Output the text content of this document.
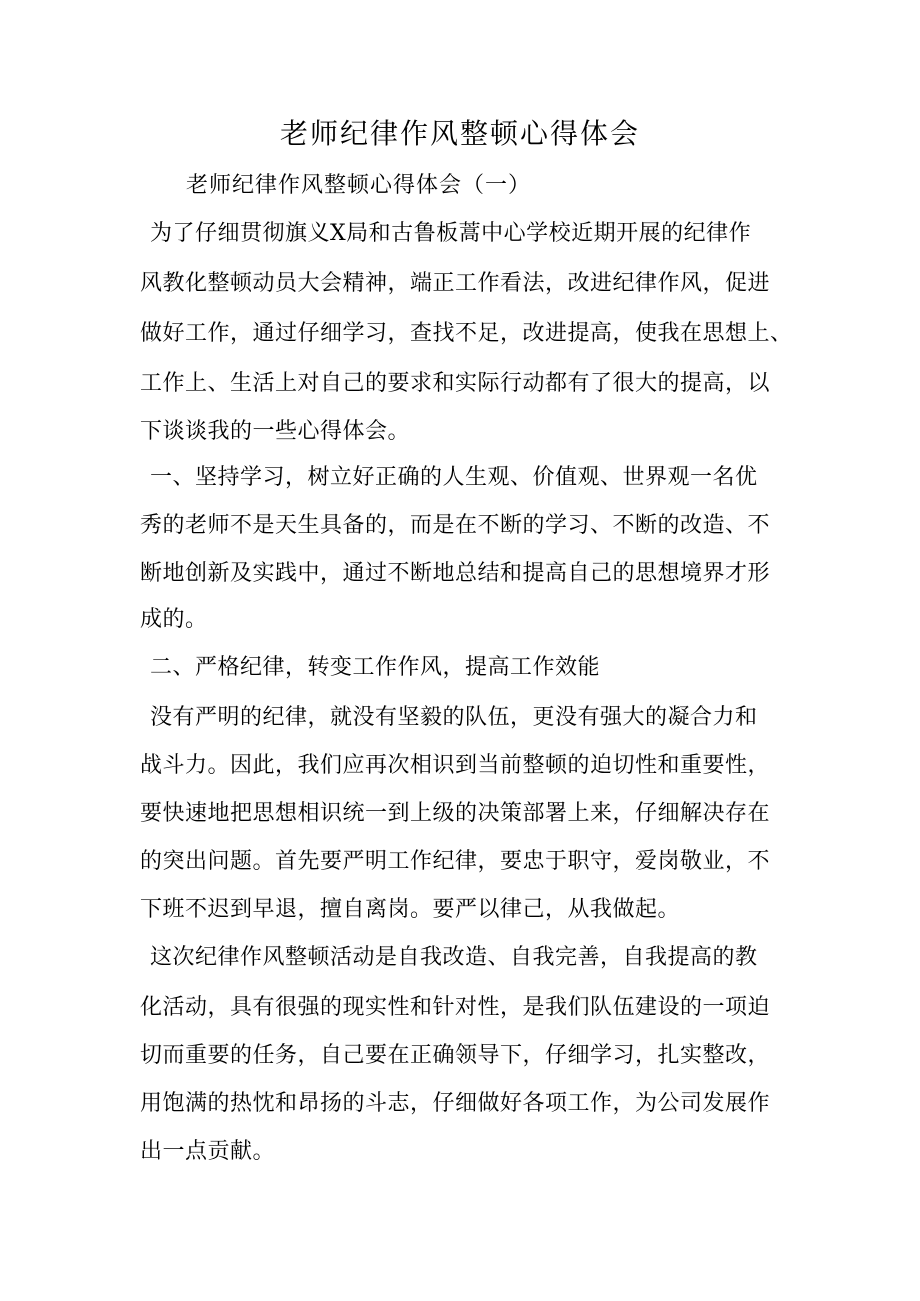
老师纪律作风整顿心得体会

老师纪律作风整顿心得体会（一）

为了仔细贯彻旗义X局和古鲁板蒿中心学校近期开展的纪律作

风教化整顿动员大会精神，端正工作看法，改进纪律作风，促进

做好工作，通过仔细学习，查找不足，改进提高，使我在思想上、

工作上、生活上对自己的要求和实际行动都有了很大的提高，以

下谈谈我的一些心得体会。

一、坚持学习，树立好正确的人生观、价值观、世界观一名优

秀的老师不是天生具备的，而是在不断的学习、不断的改造、不

断地创新及实践中，通过不断地总结和提高自己的思想境界才形

成的。

二、严格纪律，转变工作作风，提高工作效能

没有严明的纪律，就没有坚毅的队伍，更没有强大的凝合力和

战斗力。因此，我们应再次相识到当前整顿的迫切性和重要性，

要快速地把思想相识统一到上级的决策部署上来，仔细解决存在

的突出问题。首先要严明工作纪律，要忠于职守，爱岗敬业，不

下班不迟到早退，擅自离岗。要严以律己，从我做起。

这次纪律作风整顿活动是自我改造、自我完善，自我提高的教

化活动，具有很强的现实性和针对性，是我们队伍建设的一项迫

切而重要的任务，自己要在正确领导下，仔细学习，扎实整改，

用饱满的热忱和昂扬的斗志，仔细做好各项工作，为公司发展作

出一点贡献。
